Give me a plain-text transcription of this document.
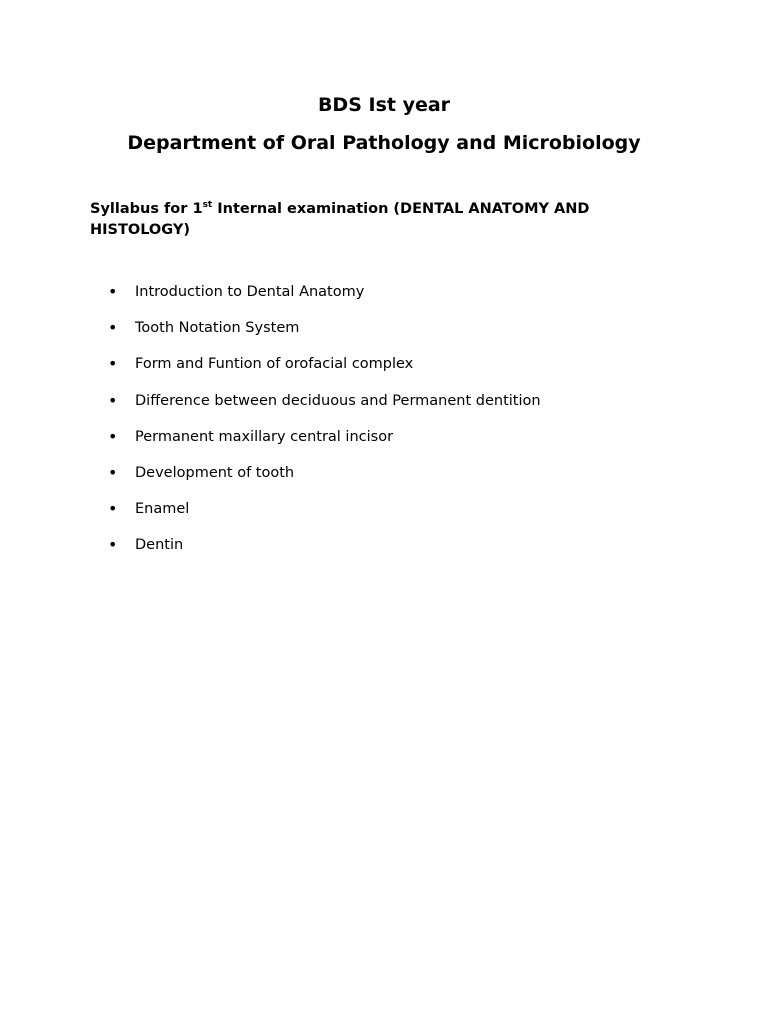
BDS Ist year
Department of Oral Pathology and Microbiology

Syllabus for 1st Internal examination (DENTAL ANATOMY AND HISTOLOGY)

• Introduction to Dental Anatomy
• Tooth Notation System
• Form and Funtion of orofacial complex
• Difference between deciduous and Permanent dentition
• Permanent maxillary central incisor
• Development of tooth
• Enamel
• Dentin
